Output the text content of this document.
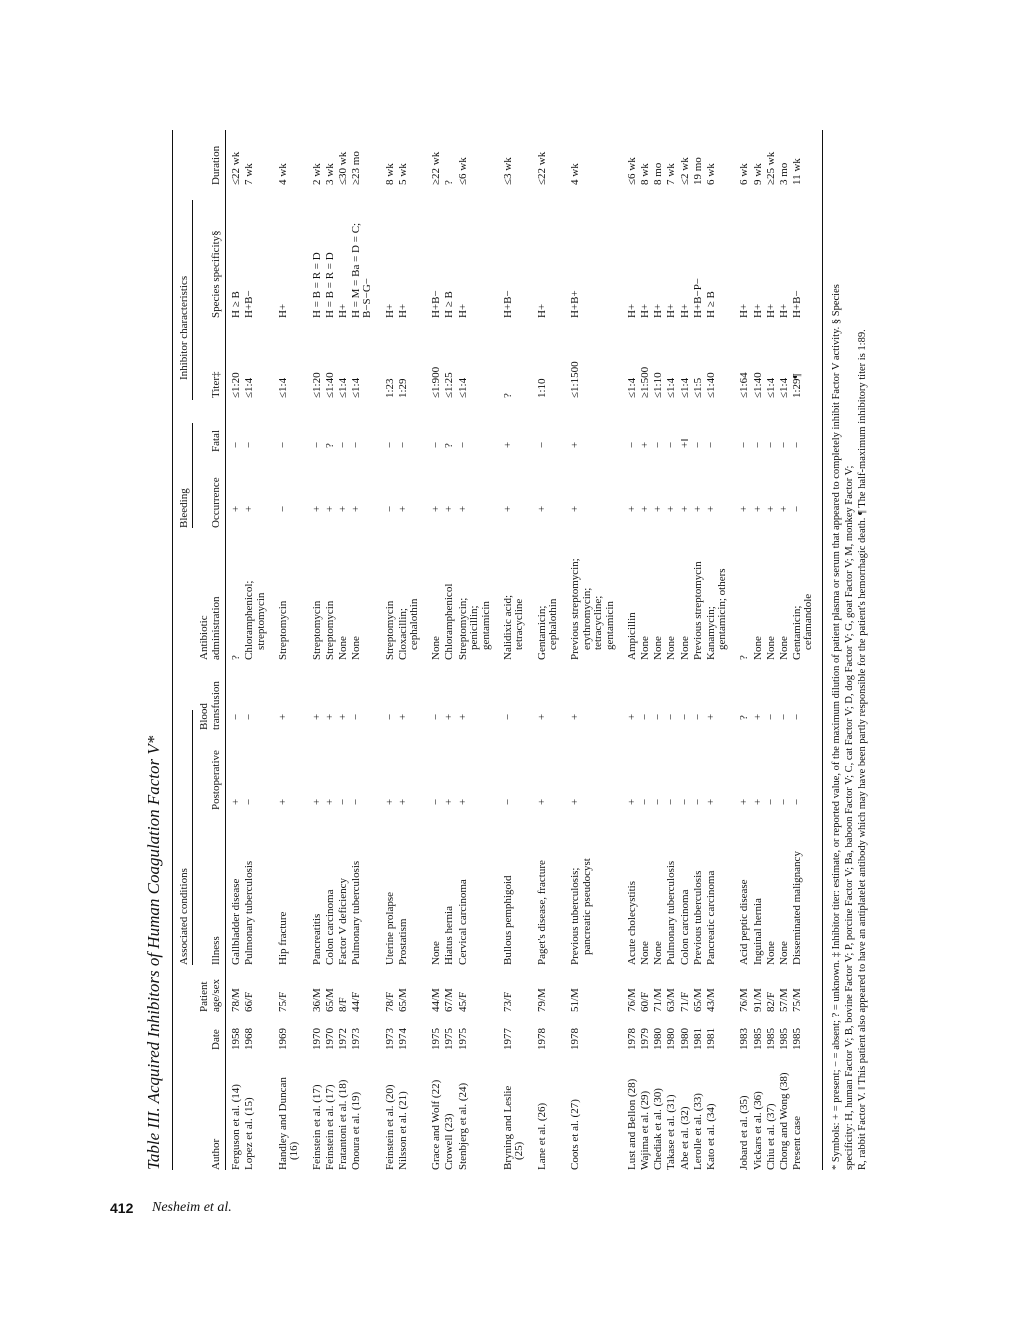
412 Nesheim et al.
Table III. Acquired Inhibitors of Human Coagulation Factor V* Associated conditions
Bleeding
Inhibitor characteristics
Author
Date
Patient age/sex
Illness
Postoperative
Blood transfusion
Antibiotic administration
Occurrence
Fatal
Titer‡
Species specificity§
Duration
Ferguson et al. (14)
1958
78/M
Gallbladder disease
+
−
?
+
−
≤1:20
H ≥ B
≤22 wk
Lopez et al. (15)
1968
66/F
Pulmonary tuberculosis
−
−
Chloramphenicol; streptomycin
+
−
≤1:4
H+B−
7 wk
Handley and Duncan (16)
1969
75/F
Hip fracture
+
+
Streptomycin
−
−
≤1:4
H+
4 wk
Feinstein et al. (17)
1970
36/M
Pancreatitis
+
+
Streptomycin
+
−
≤1:20
H = B = R = D
2 wk
Feinstein et al. (17)
1970
65/M
Colon carcinoma
+
+
Streptomycin
+
?
≤1:40
H = B = R = D
3 wk
Fratantoni et al. (18)
1972
8/F
Factor V deficiency
−
+
None
+
−
≤1:4
H+
≤30 wk
Onoura et al. (19)
1973
44/F
Pulmonary tuberculosis
−
−
None
+
−
≤1:4
H = M = Ba = D = C; B−S−G−
≥23 mo
Feinstein et al. (20)
1973
78/F
Uterine prolapse
+
−
Streptomycin
−
−
1:23
H+
8 wk
Nilsson et al. (21)
1974
65/M
Prostatism
+
+
Cloxacillin; cephalothin
+
−
1:29
H+
5 wk
Grace and Wolf (22)
1975
44/M
None
−
−
None
+
−
≤1:900
H+B−
≥22 wk
Crowell (23)
1975
67/M
Hiatus hernia
+
+
Chloramphenicol
+
?
≤1:25
H ≥ B
?
Stenbjerg et al. (24)
1975
45/F
Cervical carcinoma
+
+
Streptomycin; penicillin; gentamicin
+
−
≤1:4
H+
≤6 wk
Bryning and Leslie (25)
1977
73/F
Bullous pemphigoid
−
−
Nalidixic acid; tetracycline
+
+
?
H+B−
≤3 wk
Lane et al. (26)
1978
79/M
Paget's disease, fracture
+
+
Gentamicin; cephalothin
+
−
1:10
H+
≤22 wk
Coots et al. (27)
1978
51/M
Previous tuberculosis; pancreatic pseudocyst
+
+
Previous streptomycin; erythromycin; tetracycline; gentamicin
+
+
≤1:1500
H+B+
4 wk
Lust and Bellon (28)
1978
76/M
Acute cholecystitis
+
+
Ampicillin
+
−
≤1:4
H+
≤6 wk
Wajima et al. (29)
1979
60/F
None
−
−
None
+
+
≥1:500
H+
8 wk
Chediak et al. (30)
1980
71/M
None
−
−
None
+
−
≤1:10
H+
8 mo
Takase et al. (31)
1980
63/M
Pulmonary tuberculosis
−
−
None
+
−
≤1:4
H+
7 wk
Abe et al. (32)
1980
71/F
Colon carcinoma
−
−
None
+
+‖
≤1:4
H+
≤2 wk
Lerolle et al. (33)
1981
65/M
Previous tuberculosis
−
−
Previous streptomycin
+
−
≤1:5
H+B−P−
19 mo
Kato et al. (34)
1981
43/M
Pancreatic carcinoma
+
+
Kanamycin; gentamicin; others
+
−
≤1:40
H ≥ B
6 wk
Jobard et al. (35)
1983
76/M
Acid peptic disease
+
?
?
+
−
≤1:64
H+
6 wk
Vickars et al. (36)
1985
91/M
Inguinal hernia
+
+
None
+
−
≤1:40
H+
9 wk
Chiu et al. (37)
1985
82/F
None
−
−
None
+
−
≤1:4
H+
≥25 wk
Chong and Wong (38)
1985
57/M
None
−
−
None
+
−
≤1:4
H+
3 mo
Present case
1985
75/M
Disseminated malignancy
−
−
Gentamicin; cefamandole
−
−
1:29¶
H+B−
11 wk
* Symbols: + = present; − = absent; ? = unknown. ‡ Inhibitor titer: estimate, or reported value, of the maximum dilution of patient plasma or serum that appeared to completely inhibit Factor V activity. § Species specificity: H, human Factor V; B, bovine Factor V; P, porcine Factor V; Ba, baboon Factor V; C, cat Factor V; D, dog Factor V; G, goat Factor V; M, monkey Factor V; R, rabbit Factor V. ‖ This patient also appeared to have an antiplatelet antibody which may have been partly responsible for the patient's hemorrhagic death. ¶ The half-maximum inhibitory titer is 1:89.
